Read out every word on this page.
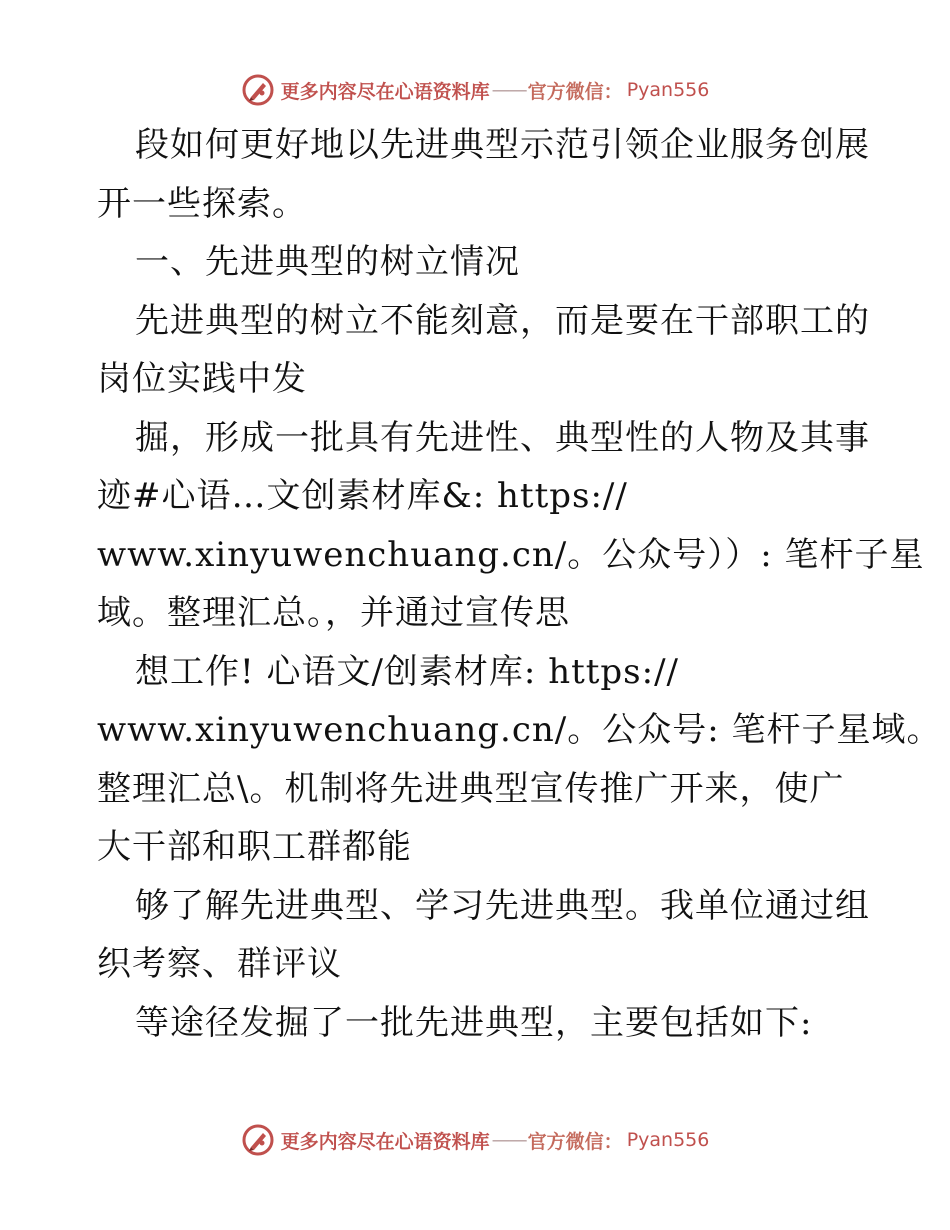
更多内容尽在心语资料库 —— 官方微信： Pyan556
段如何更好地以先进典型示范引领企业服务创展
开一些探索。
一、先进典型的树立情况
先进典型的树立不能刻意，而是要在干部职工的
岗位实践中发
掘，形成一批具有先进性、典型性的人物及其事
迹#心语…文创素材库&: https://
www.xinyuwenchuang.cn/。公众号））: 笔杆子星
域。整理汇总。，并通过宣传思
想工作! 心语文/创素材库: https://
www.xinyuwenchuang.cn/。公众号: 笔杆子星域。
整理汇总\。机制将先进典型宣传推广开来，使广
大干部和职工群都能
够了解先进典型、学习先进典型。我单位通过组
织考察、群评议
等途径发掘了一批先进典型，主要包括如下:
更多内容尽在心语资料库 —— 官方微信： Pyan556
